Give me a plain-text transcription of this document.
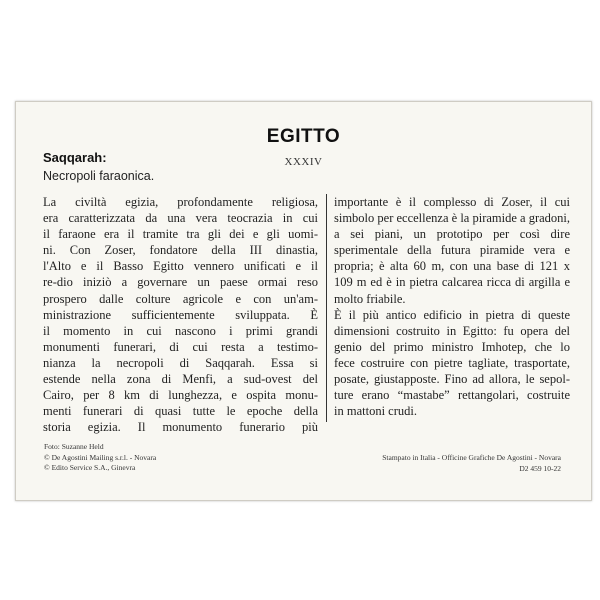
EGITTO
XXXIV
Saqqarah:
Necropoli faraonica.
La civiltà egizia, profondamente religiosa,
era caratterizzata da una vera teocrazia in cui
il faraone era il tramite tra gli dei e gli uomi-
ni. Con Zoser, fondatore della III dinastia,
l'Alto e il Basso Egitto vennero unificati e il
re-dio iniziò a governare un paese ormai reso
prospero dalle colture agricole e con un'am-
ministrazione sufficientemente sviluppata. È
il momento in cui nascono i primi grandi
monumenti funerari, di cui resta a testimo-
nianza la necropoli di Saqqarah. Essa si
estende nella zona di Menfi, a sud-ovest del
Cairo, per 8 km di lunghezza, e ospita monu-
menti funerari di quasi tutte le epoche della
storia egizia. Il monumento funerario più
importante è il complesso di Zoser, il cui
simbolo per eccellenza è la piramide a gradoni,
a sei piani, un prototipo per così dire
sperimentale della futura piramide vera e
propria; è alta 60 m, con una base di 121 x
109 m ed è in pietra calcarea ricca di argilla e
molto friabile.
È il più antico edificio in pietra di queste
dimensioni costruito in Egitto: fu opera del
genio del primo ministro Imhotep, che lo
fece costruire con pietre tagliate, trasportate,
posate, giustapposte. Fino ad allora, le sepol-
ture erano “mastabe” rettangolari, costruite
in mattoni crudi.
Foto: Suzanne Held
© De Agostini Mailing s.r.l. - Novara
© Edito Service S.A., Ginevra
Stampato in Italia - Officine Grafiche De Agostini - Novara
D2 459 10-22
